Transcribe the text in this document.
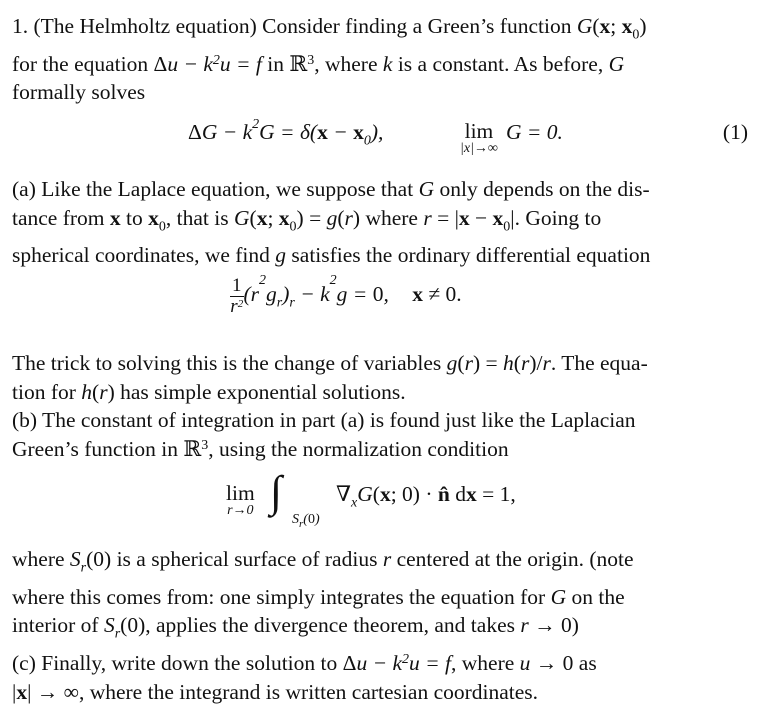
1. (The Helmholtz equation) Consider finding a Green’s function G(x; $x_0$)
for the equation $\Delta u - k^2u = f$ in ℝ$^3$, where k is a constant. As before, G
formally solves

$\Delta G - k^2G = \delta(x - x_0)$,	lim
|x|→∞
G = 0.	(1)

(a) Like the Laplace equation, we suppose that G only depends on the dis-
tance from x to $x_0$, that is G(x; $x_0) = g(r)$ where $r = |x - x_0|$. Going to
spherical coordinates, we find g satisfies the ordinary differential equation

$\frac{1}{r^2} (r^2g_r)_r - k^2g = 0$, x ≠ 0.

The trick to solving this is the change of variables g(r) = h(r)/r. The equa-
tion for h(r) has simple exponential solutions.
(b) The constant of integration in part (a) is found just like the Laplacian
Green’s function in ℝ$^3$, using the normalization condition

lim
r→0 ∫
$S_r(0)$
$\nabla_xG(x$; 0) · n̂ dx = 1,

where $S_r(0)$ is a spherical surface of radius r centered at the origin. (note
where this comes from: one simply integrates the equation for G on the
interior of $S_r(0)$, applies the divergence theorem, and takes r → 0)
(c) Finally, write down the solution to $\Delta u - k^2u = f$, where u → 0 as
|x| → ∞, where the integrand is written cartesian coordinates.
